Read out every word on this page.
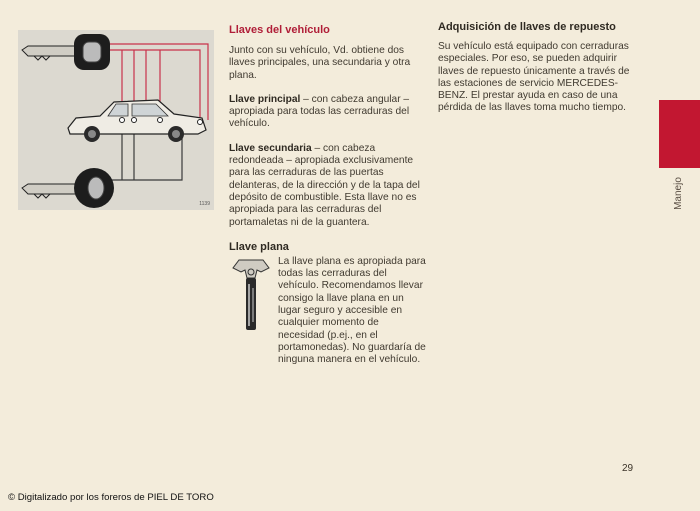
1139
Llaves del vehículo

Junto con su vehículo, Vd. obtiene dos llaves principales, una secundaria y otra plana.

Llave principal – con cabeza angular – apropiada para todas las cerraduras del vehículo.

Llave secundaria – con cabeza redondeada – apropiada exclusivamente para las cerraduras de las puertas delanteras, de la dirección y de la tapa del depósito de combustible. Esta llave no es apropiada para las cerraduras del portamaletas ni de la guantera.

Llave plana

La llave plana es apropiada para todas las cerraduras del vehículo. Recomendamos llevar consigo la llave plana en un lugar seguro y accesible en cualquier momento de necesidad (p.ej., en el portamonedas). No guardaría de ninguna manera en el vehículo.

Adquisición de llaves de repuesto

Su vehículo está equipado con cerraduras especiales. Por eso, se pueden adquirir llaves de repuesto únicamente a través de las estaciones de servicio MERCEDES-BENZ. El prestar ayuda en caso de una pérdida de las llaves toma mucho tiempo.

Manejo
29
© Digitalizado por los foreros de PIEL DE TORO
